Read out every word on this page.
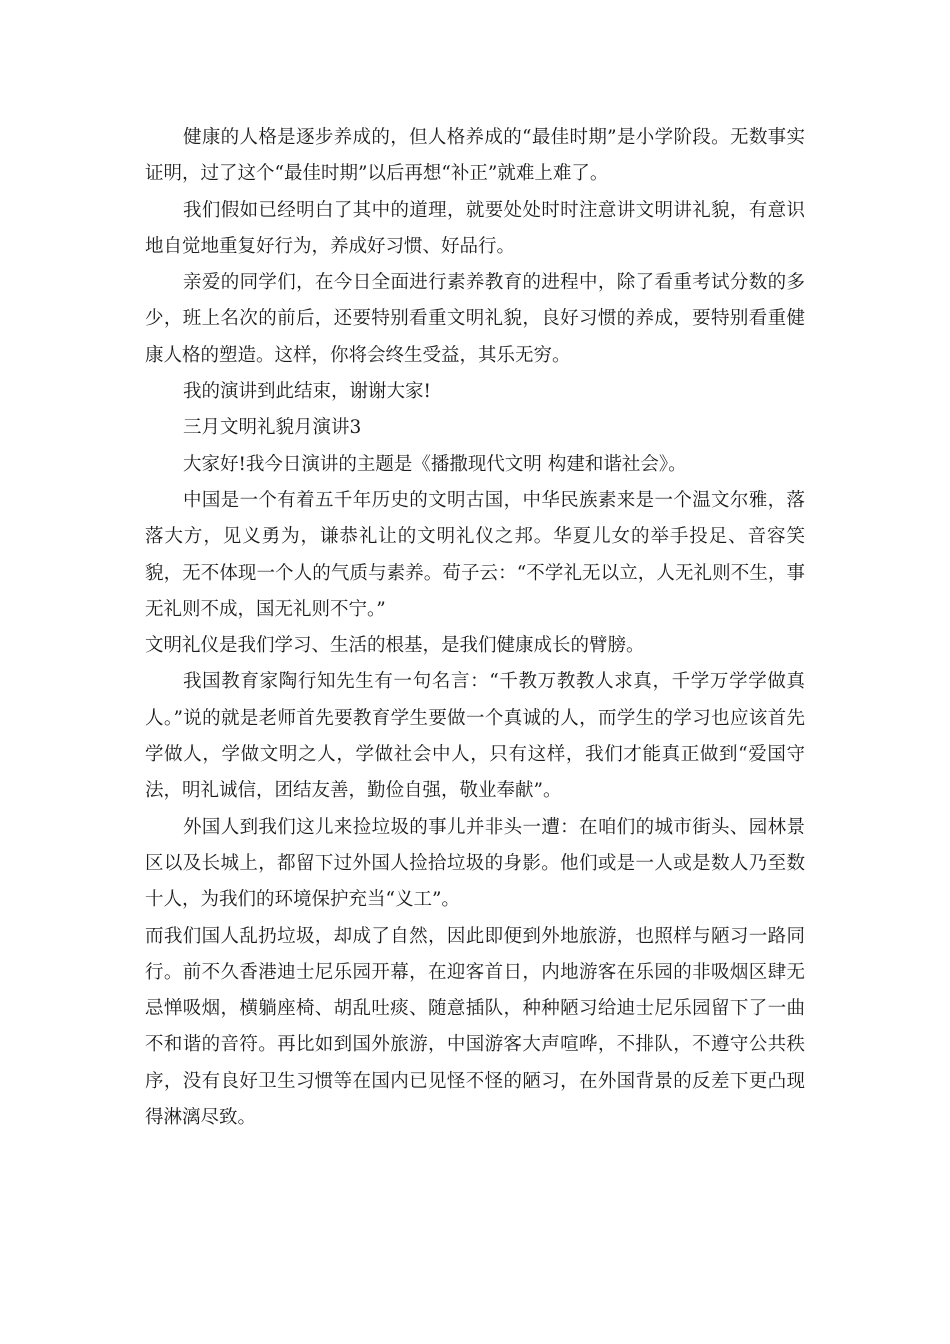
健康的人格是逐步养成的，但人格养成的“最佳时期”是小学阶段。无数事实证明，过了这个“最佳时期”以后再想“补正”就难上难了。

我们假如已经明白了其中的道理，就要处处时时注意讲文明讲礼貌，有意识地自觉地重复好行为，养成好习惯、好品行。

亲爱的同学们，在今日全面进行素养教育的进程中，除了看重考试分数的多少，班上名次的前后，还要特别看重文明礼貌，良好习惯的养成，要特别看重健康人格的塑造。这样，你将会终生受益，其乐无穷。

我的演讲到此结束，谢谢大家!

三月文明礼貌月演讲3

大家好!我今日演讲的主题是《播撒现代文明 构建和谐社会》。

中国是一个有着五千年历史的文明古国，中华民族素来是一个温文尔雅，落落大方，见义勇为，谦恭礼让的文明礼仪之邦。华夏儿女的举手投足、音容笑貌，无不体现一个人的气质与素养。荀子云：“不学礼无以立，人无礼则不生，事无礼则不成，国无礼则不宁。”

文明礼仪是我们学习、生活的根基，是我们健康成长的臂膀。

我国教育家陶行知先生有一句名言：“千教万教教人求真，千学万学学做真人。”说的就是老师首先要教育学生要做一个真诚的人，而学生的学习也应该首先学做人，学做文明之人，学做社会中人，只有这样，我们才能真正做到“爱国守法，明礼诚信，团结友善，勤俭自强，敬业奉献”。

外国人到我们这儿来捡垃圾的事儿并非头一遭：在咱们的城市街头、园林景区以及长城上，都留下过外国人捡拾垃圾的身影。他们或是一人或是数人乃至数十人，为我们的环境保护充当“义工”。

而我们国人乱扔垃圾，却成了自然，因此即便到外地旅游，也照样与陋习一路同行。前不久香港迪士尼乐园开幕，在迎客首日，内地游客在乐园的非吸烟区肆无忌惮吸烟，横躺座椅、胡乱吐痰、随意插队，种种陋习给迪士尼乐园留下了一曲不和谐的音符。再比如到国外旅游，中国游客大声喧哗，不排队，不遵守公共秩序，没有良好卫生习惯等在国内已见怪不怪的陋习，在外国背景的反差下更凸现得淋漓尽致。
